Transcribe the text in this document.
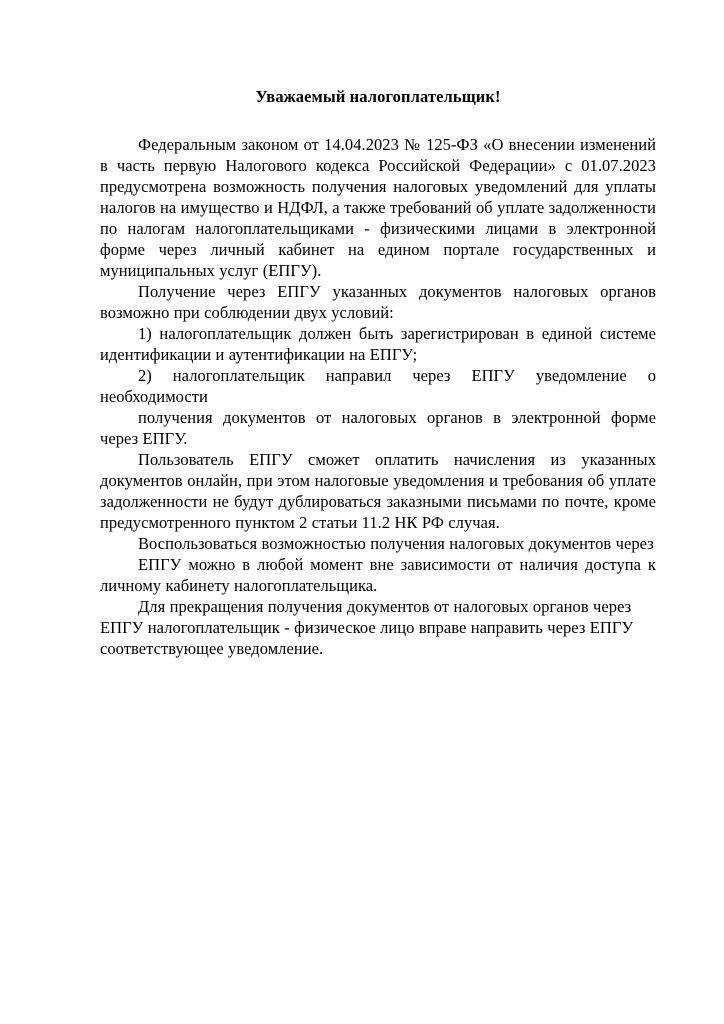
Уважаемый налогоплательщик!

Федеральным законом от 14.04.2023 № 125-ФЗ «О внесении изменений в часть первую Налогового кодекса Российской Федерации» с 01.07.2023 предусмотрена возможность получения налоговых уведомлений для уплаты налогов на имущество и НДФЛ, а также требований об уплате задолженности по налогам налогоплательщиками - физическими лицами в электронной форме через личный кабинет на едином портале государственных и муниципальных услуг (ЕПГУ).

Получение через ЕПГУ указанных документов налоговых органов возможно при соблюдении двух условий:

1) налогоплательщик должен быть зарегистрирован в единой системе идентификации и аутентификации на ЕПГУ;

2) налогоплательщик направил через ЕПГУ уведомление о необходимости

получения документов от налоговых органов в электронной форме через ЕПГУ.

Пользователь ЕПГУ сможет оплатить начисления из указанных документов онлайн, при этом налоговые уведомления и требования об уплате задолженности не будут дублироваться заказными письмами по почте, кроме предусмотренного пунктом 2 статьи 11.2 НК РФ случая.

Воспользоваться возможностью получения налоговых документов через

ЕПГУ можно в любой момент вне зависимости от наличия доступа к личному кабинету налогоплательщика.

Для прекращения получения документов от налоговых органов через ЕПГУ налогоплательщик - физическое лицо вправе направить через ЕПГУ соответствующее уведомление.
